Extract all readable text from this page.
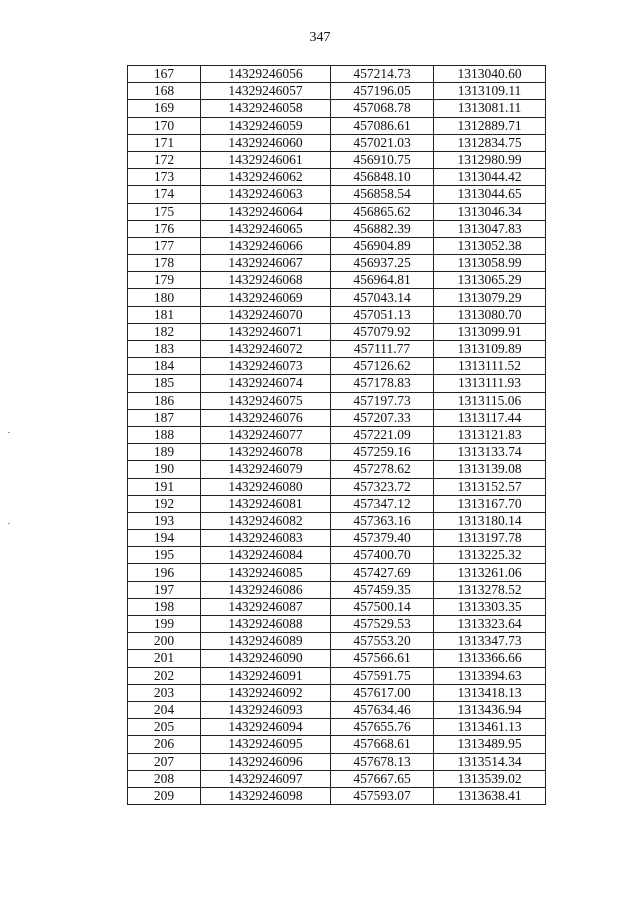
347
167	14329246056	457214.73	1313040.60
168	14329246057	457196.05	1313109.11
169	14329246058	457068.78	1313081.11
170	14329246059	457086.61	1312889.71
171	14329246060	457021.03	1312834.75
172	14329246061	456910.75	1312980.99
173	14329246062	456848.10	1313044.42
174	14329246063	456858.54	1313044.65
175	14329246064	456865.62	1313046.34
176	14329246065	456882.39	1313047.83
177	14329246066	456904.89	1313052.38
178	14329246067	456937.25	1313058.99
179	14329246068	456964.81	1313065.29
180	14329246069	457043.14	1313079.29
181	14329246070	457051.13	1313080.70
182	14329246071	457079.92	1313099.91
183	14329246072	457111.77	1313109.89
184	14329246073	457126.62	1313111.52
185	14329246074	457178.83	1313111.93
186	14329246075	457197.73	1313115.06
187	14329246076	457207.33	1313117.44
188	14329246077	457221.09	1313121.83
189	14329246078	457259.16	1313133.74
190	14329246079	457278.62	1313139.08
191	14329246080	457323.72	1313152.57
192	14329246081	457347.12	1313167.70
193	14329246082	457363.16	1313180.14
194	14329246083	457379.40	1313197.78
195	14329246084	457400.70	1313225.32
196	14329246085	457427.69	1313261.06
197	14329246086	457459.35	1313278.52
198	14329246087	457500.14	1313303.35
199	14329246088	457529.53	1313323.64
200	14329246089	457553.20	1313347.73
201	14329246090	457566.61	1313366.66
202	14329246091	457591.75	1313394.63
203	14329246092	457617.00	1313418.13
204	14329246093	457634.46	1313436.94
205	14329246094	457655.76	1313461.13
206	14329246095	457668.61	1313489.95
207	14329246096	457678.13	1313514.34
208	14329246097	457667.65	1313539.02
209	14329246098	457593.07	1313638.41
